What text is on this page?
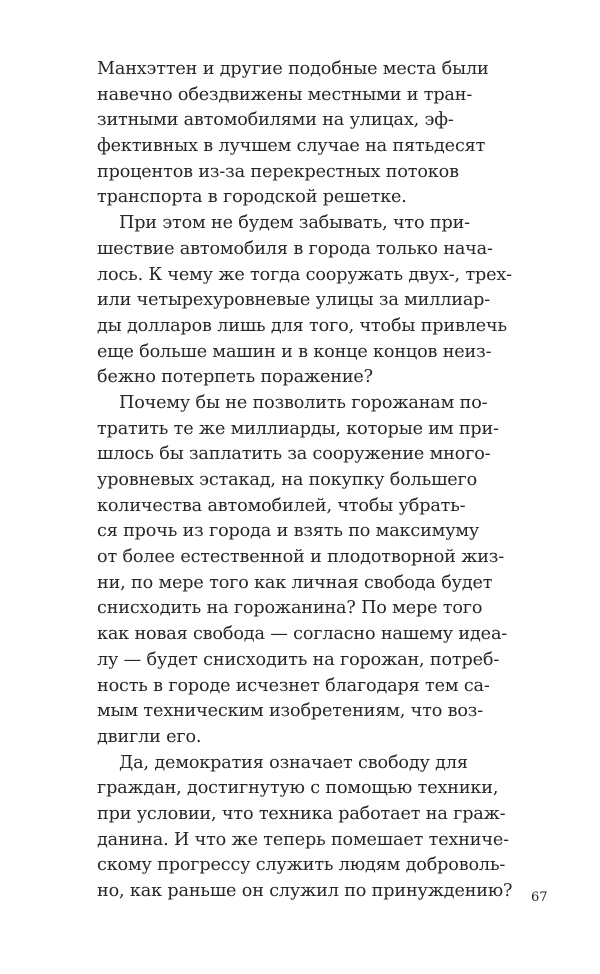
Манхэттен и другие подобные места были
навечно обездвижены местными и тран-
зитными автомобилями на улицах, эф-
фективных в лучшем случае на пятьдесят
процентов из-за перекрестных потоков
транспорта в городской решетке.
При этом не будем забывать, что при-
шествие автомобиля в города только нача-
лось. К чему же тогда сооружать двух-, трех-
или четырехуровневые улицы за миллиар-
ды долларов лишь для того, чтобы привлечь
еще больше машин и в конце концов неиз-
бежно потерпеть поражение?
Почему бы не позволить горожанам по-
тратить те же миллиарды, которые им при-
шлось бы заплатить за сооружение много-
уровневых эстакад, на покупку большего
количества автомобилей, чтобы убрать-
ся прочь из города и взять по максимуму
от более естественной и плодотворной жиз-
ни, по мере того как личная свобода будет
снисходить на горожанина? По мере того
как новая свобода — согласно нашему идеа-
лу — будет снисходить на горожан, потреб-
ность в городе исчезнет благодаря тем са-
мым техническим изобретениям, что воз-
двигли его.
Да, демократия означает свободу для
граждан, достигнутую с помощью техники,
при условии, что техника работает на граж-
данина. И что же теперь помешает техниче-
скому прогрессу служить людям доброволь-
но, как раньше он служил по принуждению?	67
